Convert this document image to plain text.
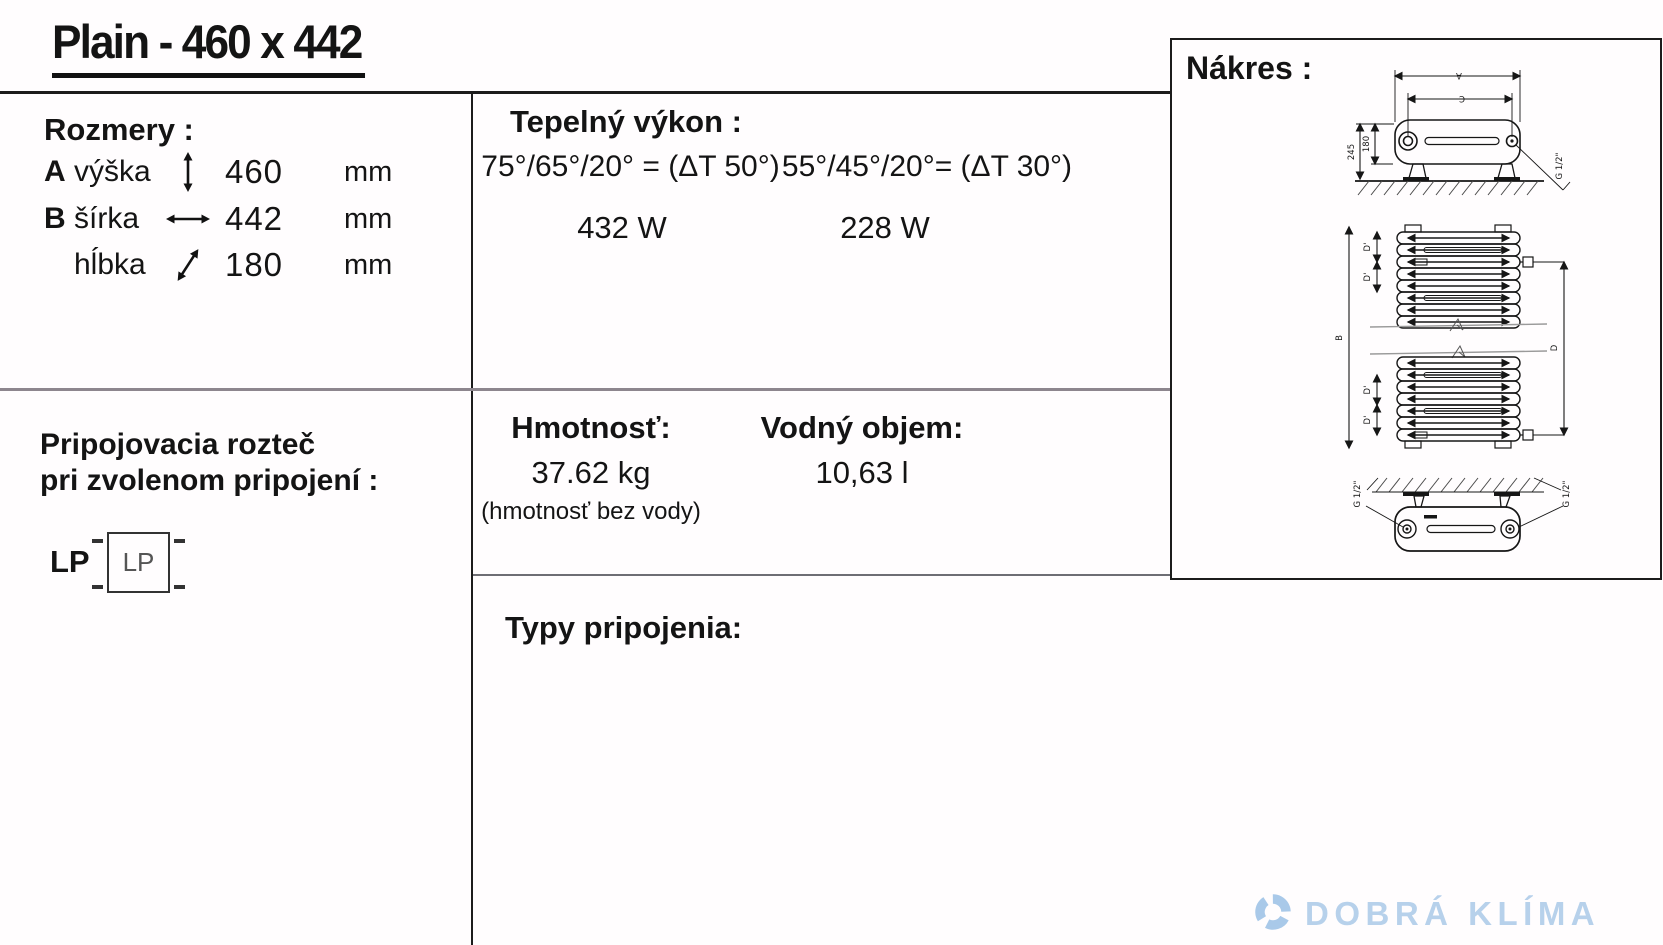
Plain - 460 x 442
Rozmery :
A výška	460	mm
B šírka	442	mm
hĺbka	180	mm
Pripojovacia rozteč
pri zvolenom pripojení :
LP LP
Tepelný výkon :
75°/65°/20° = (ΔT 50°) 55°/45°/20°= (ΔT 30°)
432 W	228 W
Hmotnosť:
37.62 kg
(hmotnosť bez vody)
Vodný objem:
10,63 l
Typy pripojenia:
Nákres :	A
C
245 180
G 1/2"
B
D'
D'
D'
D'
D
G 1/2"	G 1/2"
DOBRÁ KLÍMA
